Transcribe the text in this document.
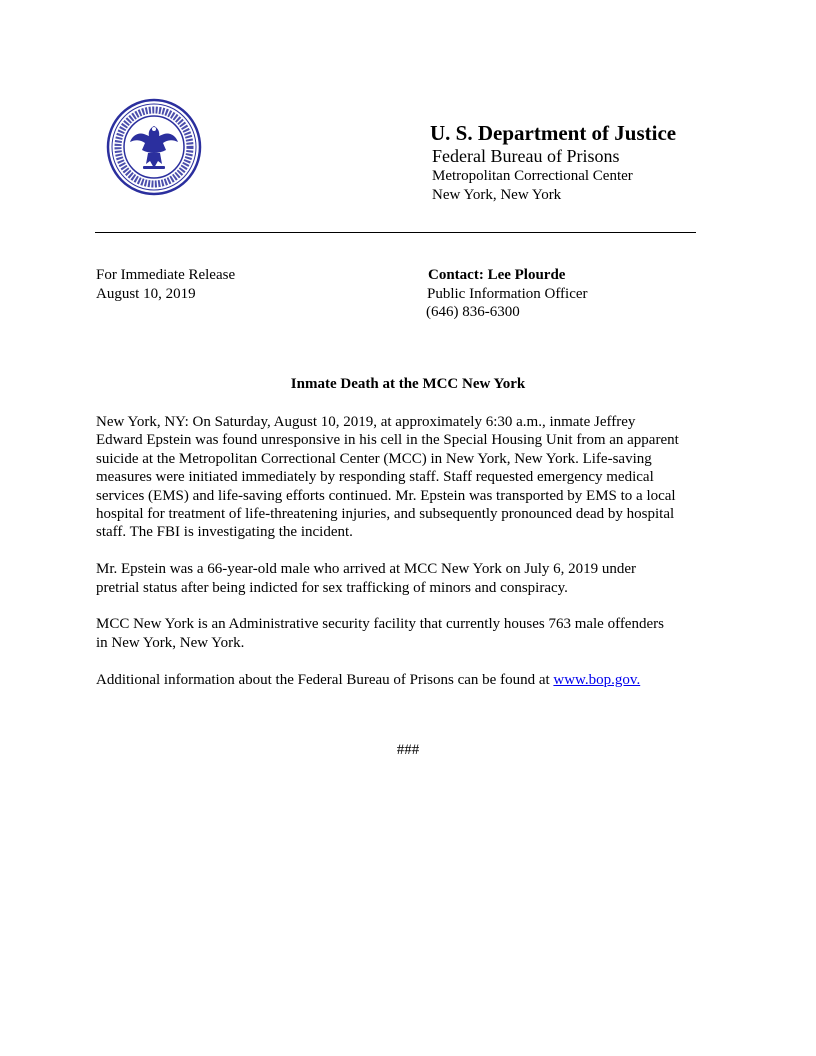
U. S. Department of Justice
Federal Bureau of Prisons
Metropolitan Correctional Center
New York, New York
For Immediate Release
August 10, 2019
Contact: Lee Plourde
Public Information Officer
(646) 836-6300
Inmate Death at the MCC New York

New York, NY: On Saturday, August 10, 2019, at approximately 6:30 a.m., inmate Jeffrey
Edward Epstein was found unresponsive in his cell in the Special Housing Unit from an apparent
suicide at the Metropolitan Correctional Center (MCC) in New York, New York. Life-saving
measures were initiated immediately by responding staff. Staff requested emergency medical
services (EMS) and life-saving efforts continued. Mr. Epstein was transported by EMS to a local
hospital for treatment of life-threatening injuries, and subsequently pronounced dead by hospital
staff. The FBI is investigating the incident.

Mr. Epstein was a 66-year-old male who arrived at MCC New York on July 6, 2019 under
pretrial status after being indicted for sex trafficking of minors and conspiracy.

MCC New York is an Administrative security facility that currently houses 763 male offenders
in New York, New York.

Additional information about the Federal Bureau of Prisons can be found at www.bop.gov.

###
